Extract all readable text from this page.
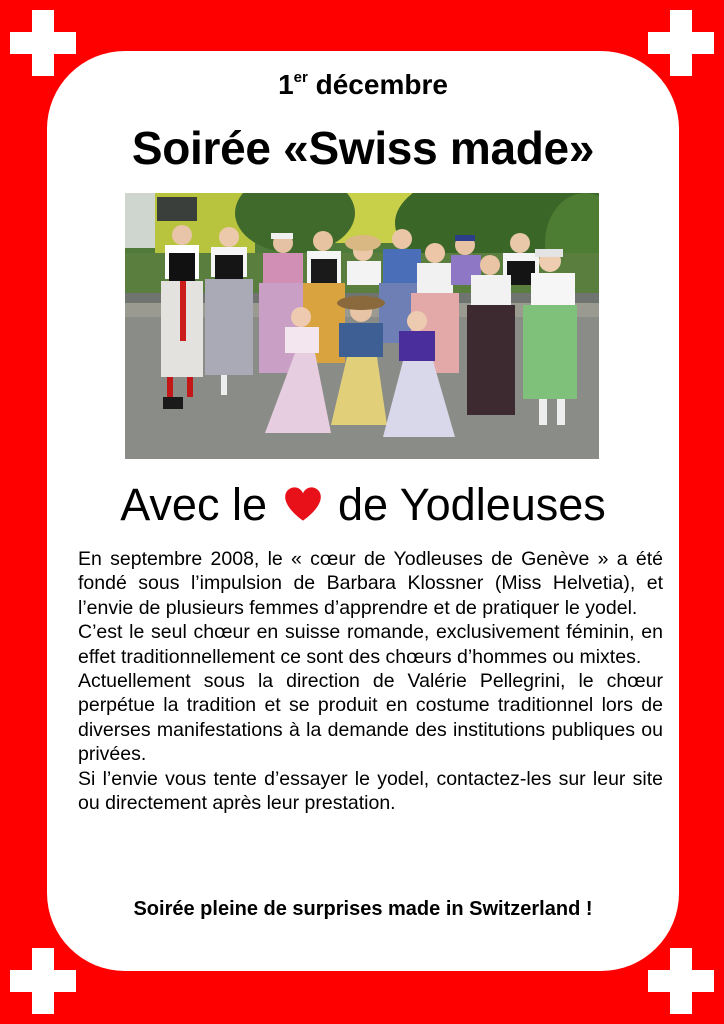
1er décembre
Soirée «Swiss made»
Avec le de Yodleuses

En septembre 2008, le « cœur de Yodleuses de Genève » a été fondé sous l’impulsion de Barbara Klossner (Miss Helvetia), et l’envie de plusieurs femmes d’apprendre et de pratiquer le yodel.

C’est le seul chœur en suisse romande, exclusivement féminin, en effet traditionnellement ce sont des chœurs d’hommes ou mixtes.

Actuellement sous la direction de Valérie Pellegrini, le chœur perpétue la tradition et se produit en costume traditionnel lors de diverses manifestations à la demande des institutions publiques ou privées.

Si l’envie vous tente d’essayer le yodel, contactez-les sur leur site ou directement après leur prestation.

Soirée pleine de surprises made in Switzerland !
